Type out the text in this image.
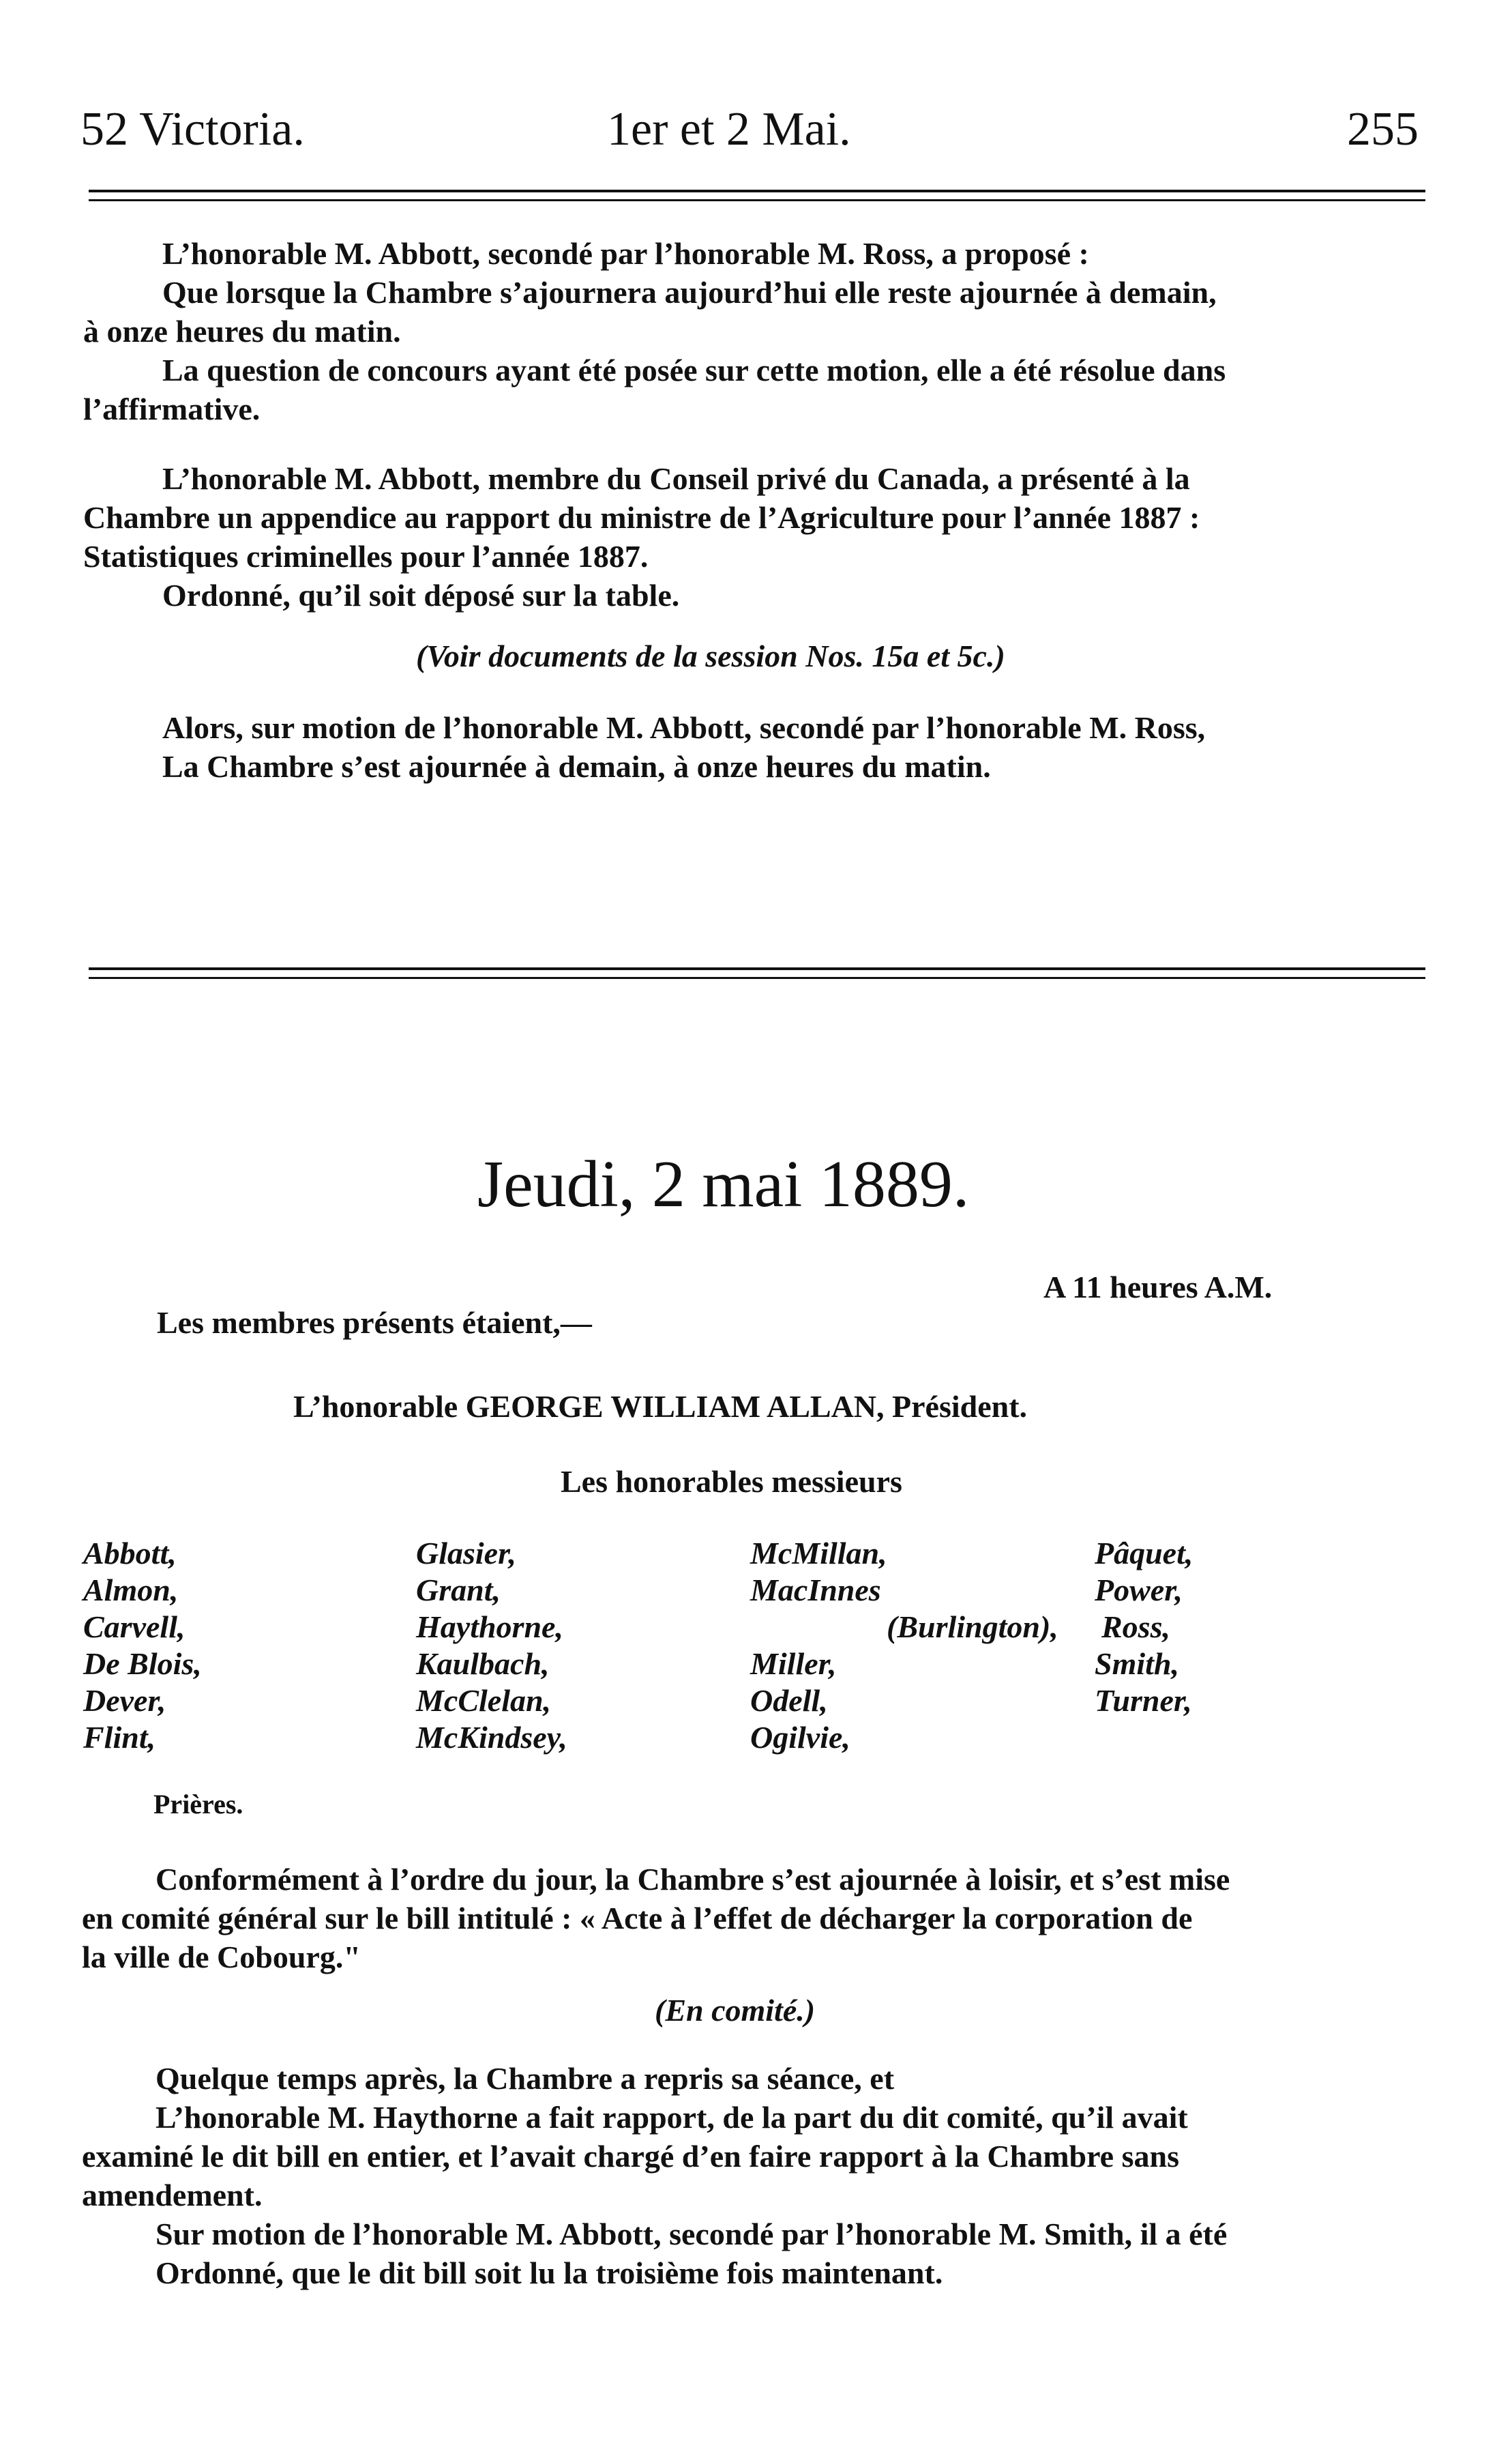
52 Victoria.	1er et 2 Mai.	255
L’honorable M. Abbott, secondé par l’honorable M. Ross, a proposé :
Que lorsque la Chambre s’ajournera aujourd’hui elle reste ajournée à demain,
à onze heures du matin.
La question de concours ayant été posée sur cette motion, elle a été résolue dans
l’affirmative.
L’honorable M. Abbott, membre du Conseil privé du Canada, a présenté à la
Chambre un appendice au rapport du ministre de l’Agriculture pour l’année 1887 :
Statistiques criminelles pour l’année 1887.
Ordonné, qu’il soit déposé sur la table.
(Voir documents de la session Nos. 15a et 5c.)
Alors, sur motion de l’honorable M. Abbott, secondé par l’honorable M. Ross,
La Chambre s’est ajournée à demain, à onze heures du matin.
Jeudi, 2 mai 1889.
A 11 heures A.M.
Les membres présents étaient,—
L’honorable GEORGE WILLIAM ALLAN, Président.
Les honorables messieurs
Abbott,
Almon,
Carvell,
De Blois,
Dever,
Flint,
Glasier,
Grant,
Haythorne,
Kaulbach,
McClelan,
McKindsey,
McMillan,
MacInnes
(Burlington),
Miller,
Odell,
Ogilvie,
Pâquet,
Power,
Ross,
Smith,
Turner,
Prières.
Conformément à l’ordre du jour, la Chambre s’est ajournée à loisir, et s’est mise
en comité général sur le bill intitulé : « Acte à l’effet de décharger la corporation de
la ville de Cobourg."
(En comité.)
Quelque temps après, la Chambre a repris sa séance, et
L’honorable M. Haythorne a fait rapport, de la part du dit comité, qu’il avait
examiné le dit bill en entier, et l’avait chargé d’en faire rapport à la Chambre sans
amendement.
Sur motion de l’honorable M. Abbott, secondé par l’honorable M. Smith, il a été
Ordonné, que le dit bill soit lu la troisième fois maintenant.
